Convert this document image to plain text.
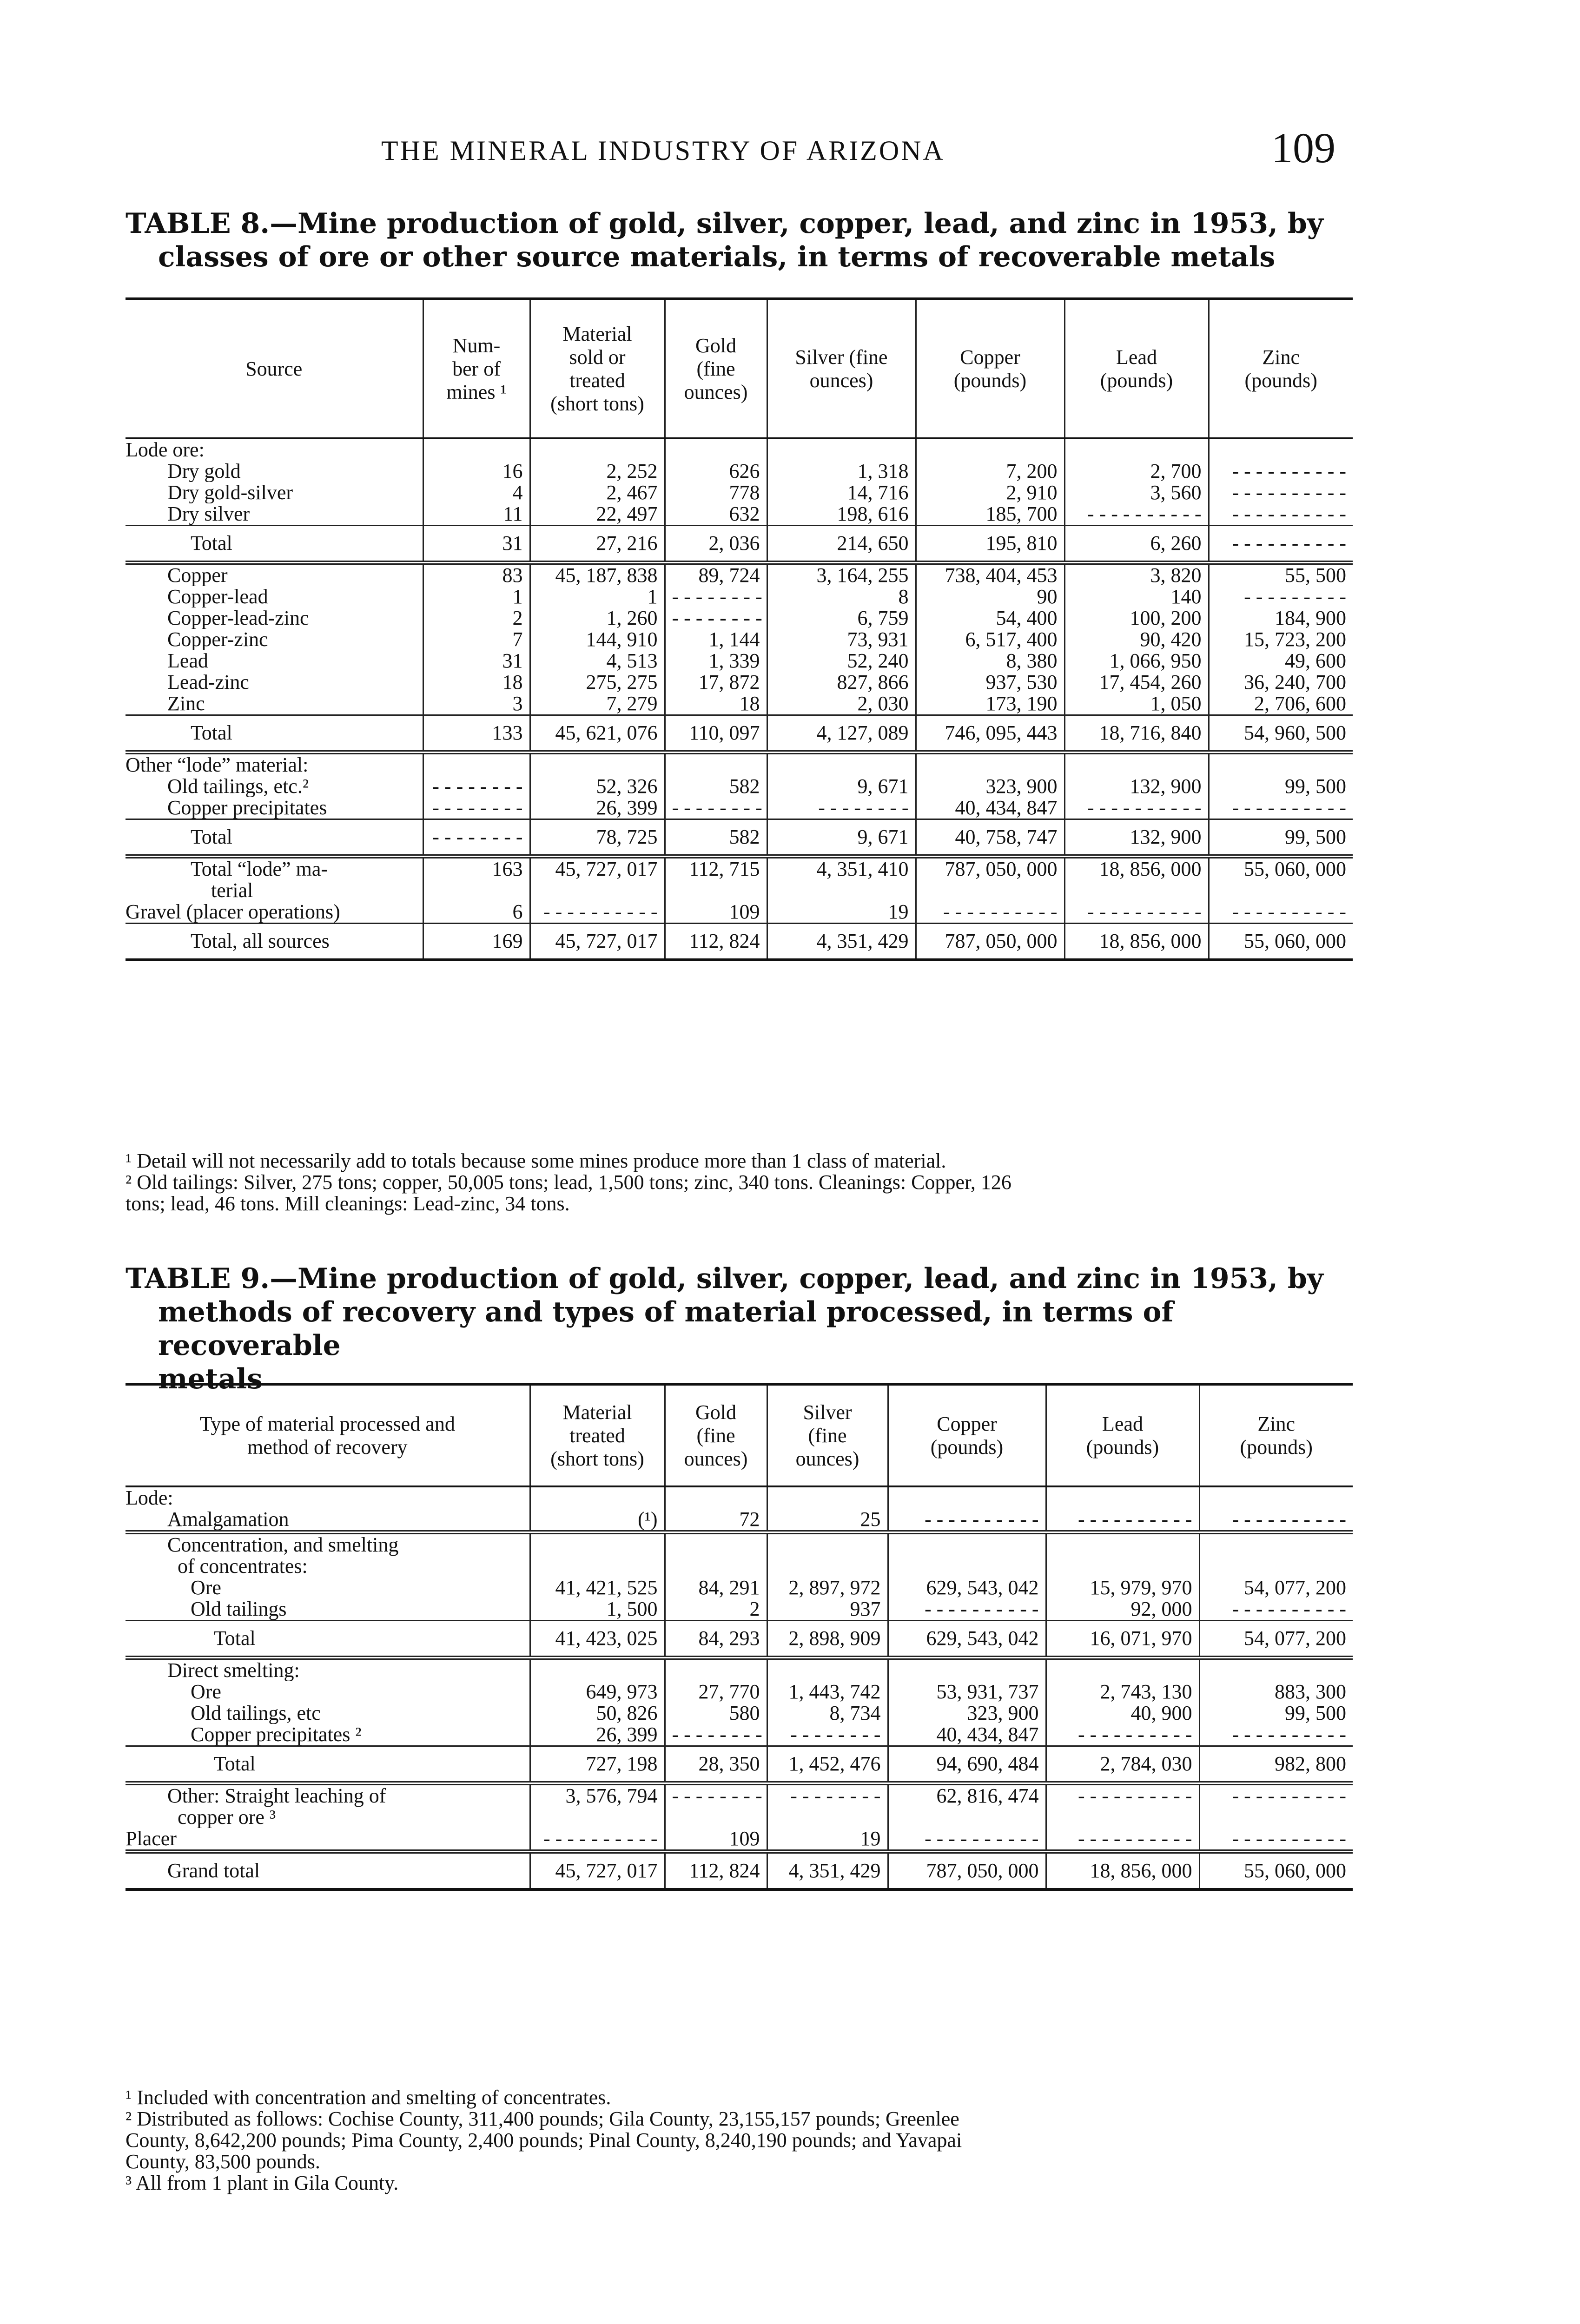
THE MINERAL INDUSTRY OF ARIZONA	109
TABLE 8.—Mine production of gold, silver, copper, lead, and zinc in 1953, by
classes of ore or other source materials, in terms of recoverable metals
Source	Num-
ber of
mines ¹	Material
sold or
treated
(short tons)	Gold
(fine
ounces)	Silver (fine
ounces)	Copper
(pounds)	Lead
(pounds)	Zinc
(pounds)
Lode ore:							
Dry gold	16	2, 252	626	1, 318	7, 200	2, 700	- - - - - - - - - -
Dry gold-silver	4	2, 467	778	14, 716	2, 910	3, 560	- - - - - - - - - -
Dry silver	11	22, 497	632	198, 616	185, 700	- - - - - - - - - -	- - - - - - - - - -
Total	31	27, 216	2, 036	214, 650	195, 810	6, 260	- - - - - - - - - -
Copper	83	45, 187, 838	89, 724	3, 164, 255	738, 404, 453	3, 820	55, 500
Copper-lead	1	1	- - - - - - - -	8	90	140	- - - - - - - - -
Copper-lead-zinc	2	1, 260	- - - - - - - -	6, 759	54, 400	100, 200	184, 900
Copper-zinc	7	144, 910	1, 144	73, 931	6, 517, 400	90, 420	15, 723, 200
Lead	31	4, 513	1, 339	52, 240	8, 380	1, 066, 950	49, 600
Lead-zinc	18	275, 275	17, 872	827, 866	937, 530	17, 454, 260	36, 240, 700
Zinc	3	7, 279	18	2, 030	173, 190	1, 050	2, 706, 600
Total	133	45, 621, 076	110, 097	4, 127, 089	746, 095, 443	18, 716, 840	54, 960, 500
Other “lode” material:							
Old tailings, etc.²	- - - - - - - -	52, 326	582	9, 671	323, 900	132, 900	99, 500
Copper precipitates	- - - - - - - -	26, 399	- - - - - - - -	- - - - - - - -	40, 434, 847	- - - - - - - - - -	- - - - - - - - - -
Total	- - - - - - - -	78, 725	582	9, 671	40, 758, 747	132, 900	99, 500
Total “lode” ma-
terial	163	45, 727, 017	112, 715	4, 351, 410	787, 050, 000	18, 856, 000	55, 060, 000
Gravel (placer operations)	6	- - - - - - - - - -	109	19	- - - - - - - - - -	- - - - - - - - - -	- - - - - - - - - -
Total, all sources	169	45, 727, 017	112, 824	4, 351, 429	787, 050, 000	18, 856, 000	55, 060, 000

¹ Detail will not necessarily add to totals because some mines produce more than 1 class of material.

² Old tailings: Silver, 275 tons; copper, 50,005 tons; lead, 1,500 tons; zinc, 340 tons. Cleanings: Copper, 126

tons; lead, 46 tons. Mill cleanings: Lead-zinc, 34 tons.

TABLE 9.—Mine production of gold, silver, copper, lead, and zinc in 1953, by
methods of recovery and types of material processed, in terms of recoverable
metals
Type of material processed and
method of recovery	Material
treated
(short tons)	Gold
(fine
ounces)	Silver
(fine
ounces)	Copper
(pounds)	Lead
(pounds)	Zinc
(pounds)
Lode:						
Amalgamation	(¹)	72	25	- - - - - - - - - -	- - - - - - - - - -	- - - - - - - - - -
Concentration, and smelting
of concentrates:						
Ore	41, 421, 525	84, 291	2, 897, 972	629, 543, 042	15, 979, 970	54, 077, 200
Old tailings	1, 500	2	937	- - - - - - - - - -	92, 000	- - - - - - - - - -
Total	41, 423, 025	84, 293	2, 898, 909	629, 543, 042	16, 071, 970	54, 077, 200
Direct smelting:						
Ore	649, 973	27, 770	1, 443, 742	53, 931, 737	2, 743, 130	883, 300
Old tailings, etc	50, 826	580	8, 734	323, 900	40, 900	99, 500
Copper precipitates ²	26, 399	- - - - - - - -	- - - - - - - -	40, 434, 847	- - - - - - - - - -	- - - - - - - - - -
Total	727, 198	28, 350	1, 452, 476	94, 690, 484	2, 784, 030	982, 800
Other: Straight leaching of
copper ore ³	3, 576, 794	- - - - - - - -	- - - - - - - -	62, 816, 474	- - - - - - - - - -	- - - - - - - - - -
Placer	- - - - - - - - - -	109	19	- - - - - - - - - -	- - - - - - - - - -	- - - - - - - - - -
Grand total	45, 727, 017	112, 824	4, 351, 429	787, 050, 000	18, 856, 000	55, 060, 000

¹ Included with concentration and smelting of concentrates.

² Distributed as follows: Cochise County, 311,400 pounds; Gila County, 23,155,157 pounds; Greenlee

County, 8,642,200 pounds; Pima County, 2,400 pounds; Pinal County, 8,240,190 pounds; and Yavapai

County, 83,500 pounds.

³ All from 1 plant in Gila County.
